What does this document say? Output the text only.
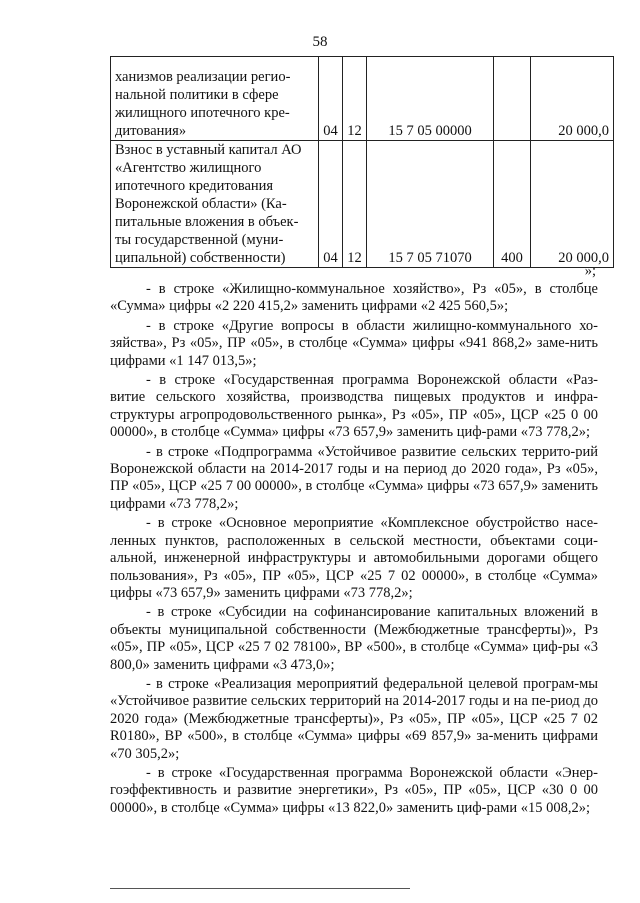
58
ханизмов реализации регио-нальной политики в сфере жилищного ипотечного кре-дитования»	04	12	15 7 05 00000		20 000,0
Взнос в уставный капитал АО «Агентство жилищного ипотечного кредитования Воронежской области» (Ка-питальные вложения в объек-ты государственной (муни-ципальной) собственности)	04	12	15 7 05 71070	400	20 000,0
»;

- в строке «Жилищно-коммунальное хозяйство», Рз «05», в столбце «Сумма» цифры «2 220 415,2» заменить цифрами «2 425 560,5»;

- в строке «Другие вопросы в области жилищно-коммунального хо-зяйства», Рз «05», ПР «05», в столбце «Сумма» цифры «941 868,2» заме-нить цифрами «1 147 013,5»;

- в строке «Государственная программа Воронежской области «Раз-витие сельского хозяйства, производства пищевых продуктов и инфра-структуры агропродовольственного рынка», Рз «05», ПР «05», ЦСР «25 0 00 00000», в столбце «Сумма» цифры «73 657,9» заменить циф-рами «73 778,2»;

- в строке «Подпрограмма «Устойчивое развитие сельских террито-рий Воронежской области на 2014-2017 годы и на период до 2020 года», Рз «05», ПР «05», ЦСР «25 7 00 00000», в столбце «Сумма» цифры «73 657,9» заменить цифрами «73 778,2»;

- в строке «Основное мероприятие «Комплексное обустройство насе-ленных пунктов, расположенных в сельской местности, объектами соци-альной, инженерной инфраструктуры и автомобильными дорогами общего пользования», Рз «05», ПР «05», ЦСР «25 7 02 00000», в столбце «Сумма» цифры «73 657,9» заменить цифрами «73 778,2»;

- в строке «Субсидии на софинансирование капитальных вложений в объекты муниципальной собственности (Межбюджетные трансферты)», Рз «05», ПР «05», ЦСР «25 7 02 78100», ВР «500», в столбце «Сумма» циф-ры «3 800,0» заменить цифрами «3 473,0»;

- в строке «Реализация мероприятий федеральной целевой програм-мы «Устойчивое развитие сельских территорий на 2014-2017 годы и на пе-риод до 2020 года» (Межбюджетные трансферты)», Рз «05», ПР «05», ЦСР «25 7 02 R0180», ВР «500», в столбце «Сумма» цифры «69 857,9» за-менить цифрами «70 305,2»;

- в строке «Государственная программа Воронежской области «Энер-гоэффективность и развитие энергетики», Рз «05», ПР «05», ЦСР «30 0 00 00000», в столбце «Сумма» цифры «13 822,0» заменить циф-рами «15 008,2»;
